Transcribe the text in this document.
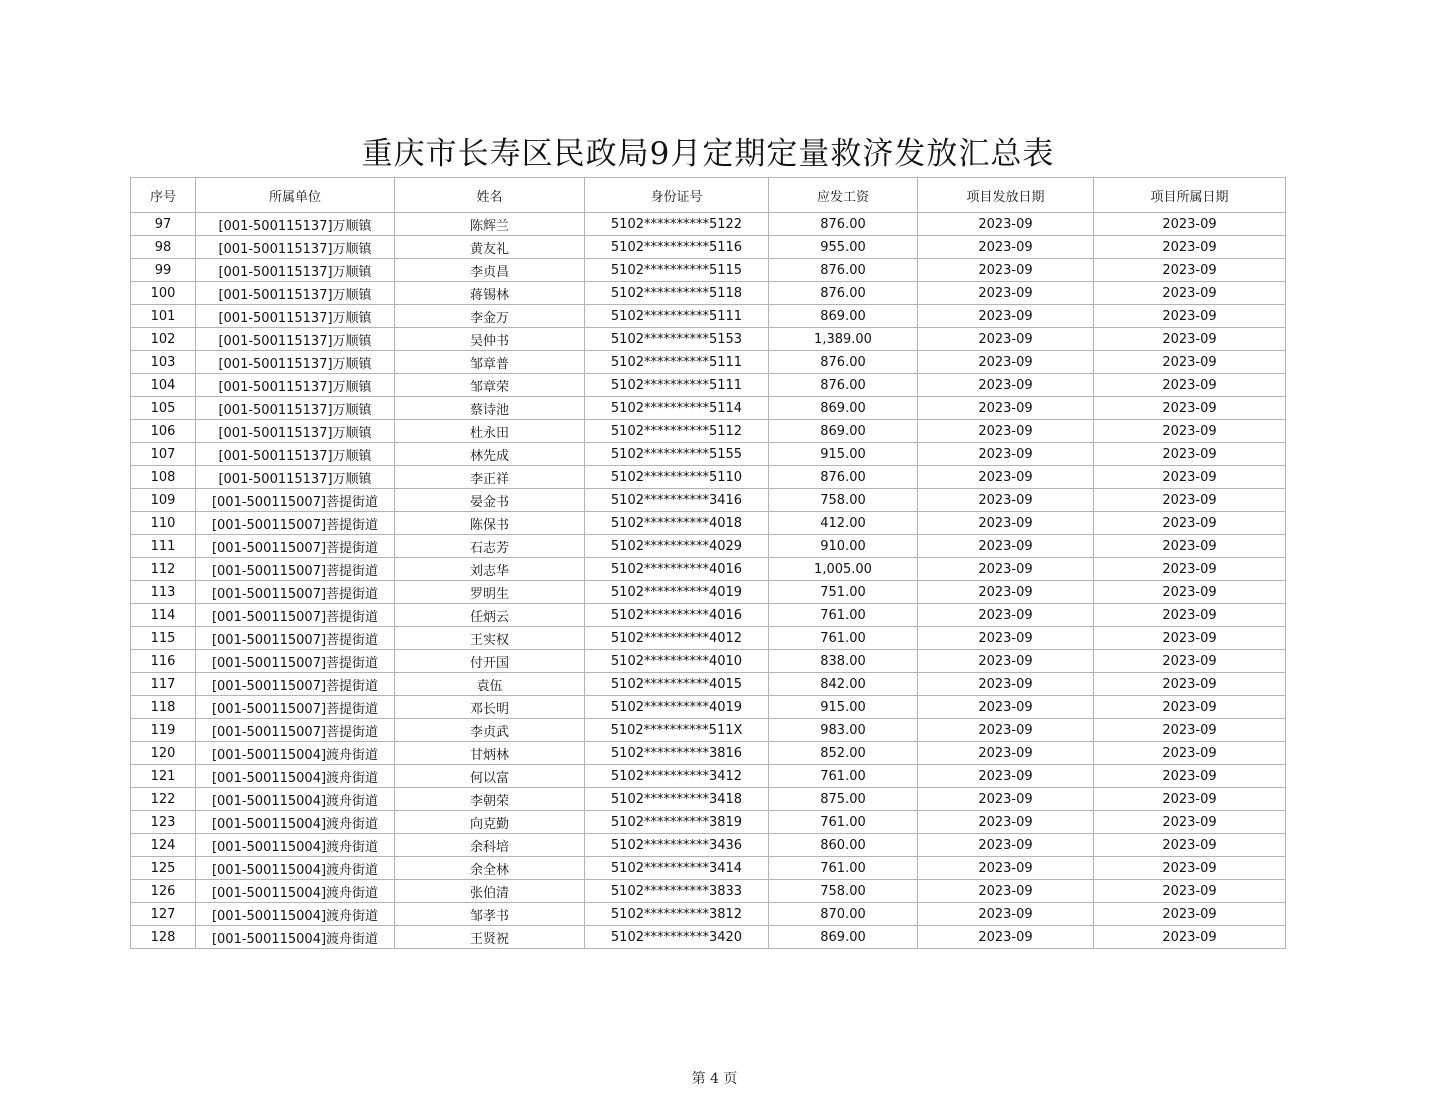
重庆市长寿区民政局9月定期定量救济发放汇总表
序号	所属单位	姓名	身份证号	应发工资	项目发放日期	项目所属日期
97	[001-500115137]万顺镇	陈辉兰	5102**********5122	876.00	2023-09	2023-09
98	[001-500115137]万顺镇	黄友礼	5102**********5116	955.00	2023-09	2023-09
99	[001-500115137]万顺镇	李贞昌	5102**********5115	876.00	2023-09	2023-09
100	[001-500115137]万顺镇	蒋锡林	5102**********5118	876.00	2023-09	2023-09
101	[001-500115137]万顺镇	李金万	5102**********5111	869.00	2023-09	2023-09
102	[001-500115137]万顺镇	吴仲书	5102**********5153	1,389.00	2023-09	2023-09
103	[001-500115137]万顺镇	邹章普	5102**********5111	876.00	2023-09	2023-09
104	[001-500115137]万顺镇	邹章荣	5102**********5111	876.00	2023-09	2023-09
105	[001-500115137]万顺镇	蔡诗池	5102**********5114	869.00	2023-09	2023-09
106	[001-500115137]万顺镇	杜永田	5102**********5112	869.00	2023-09	2023-09
107	[001-500115137]万顺镇	林先成	5102**********5155	915.00	2023-09	2023-09
108	[001-500115137]万顺镇	李正祥	5102**********5110	876.00	2023-09	2023-09
109	[001-500115007]菩提街道	晏金书	5102**********3416	758.00	2023-09	2023-09
110	[001-500115007]菩提街道	陈保书	5102**********4018	412.00	2023-09	2023-09
111	[001-500115007]菩提街道	石志芳	5102**********4029	910.00	2023-09	2023-09
112	[001-500115007]菩提街道	刘志华	5102**********4016	1,005.00	2023-09	2023-09
113	[001-500115007]菩提街道	罗明生	5102**********4019	751.00	2023-09	2023-09
114	[001-500115007]菩提街道	任炳云	5102**********4016	761.00	2023-09	2023-09
115	[001-500115007]菩提街道	王实权	5102**********4012	761.00	2023-09	2023-09
116	[001-500115007]菩提街道	付开国	5102**********4010	838.00	2023-09	2023-09
117	[001-500115007]菩提街道	袁伍	5102**********4015	842.00	2023-09	2023-09
118	[001-500115007]菩提街道	邓长明	5102**********4019	915.00	2023-09	2023-09
119	[001-500115007]菩提街道	李贞武	5102**********511X	983.00	2023-09	2023-09
120	[001-500115004]渡舟街道	甘炳林	5102**********3816	852.00	2023-09	2023-09
121	[001-500115004]渡舟街道	何以富	5102**********3412	761.00	2023-09	2023-09
122	[001-500115004]渡舟街道	李朝荣	5102**********3418	875.00	2023-09	2023-09
123	[001-500115004]渡舟街道	向克勤	5102**********3819	761.00	2023-09	2023-09
124	[001-500115004]渡舟街道	余科培	5102**********3436	860.00	2023-09	2023-09
125	[001-500115004]渡舟街道	余全林	5102**********3414	761.00	2023-09	2023-09
126	[001-500115004]渡舟街道	张伯清	5102**********3833	758.00	2023-09	2023-09
127	[001-500115004]渡舟街道	邹孝书	5102**********3812	870.00	2023-09	2023-09
128	[001-500115004]渡舟街道	王贤祝	5102**********3420	869.00	2023-09	2023-09
第 4 页
